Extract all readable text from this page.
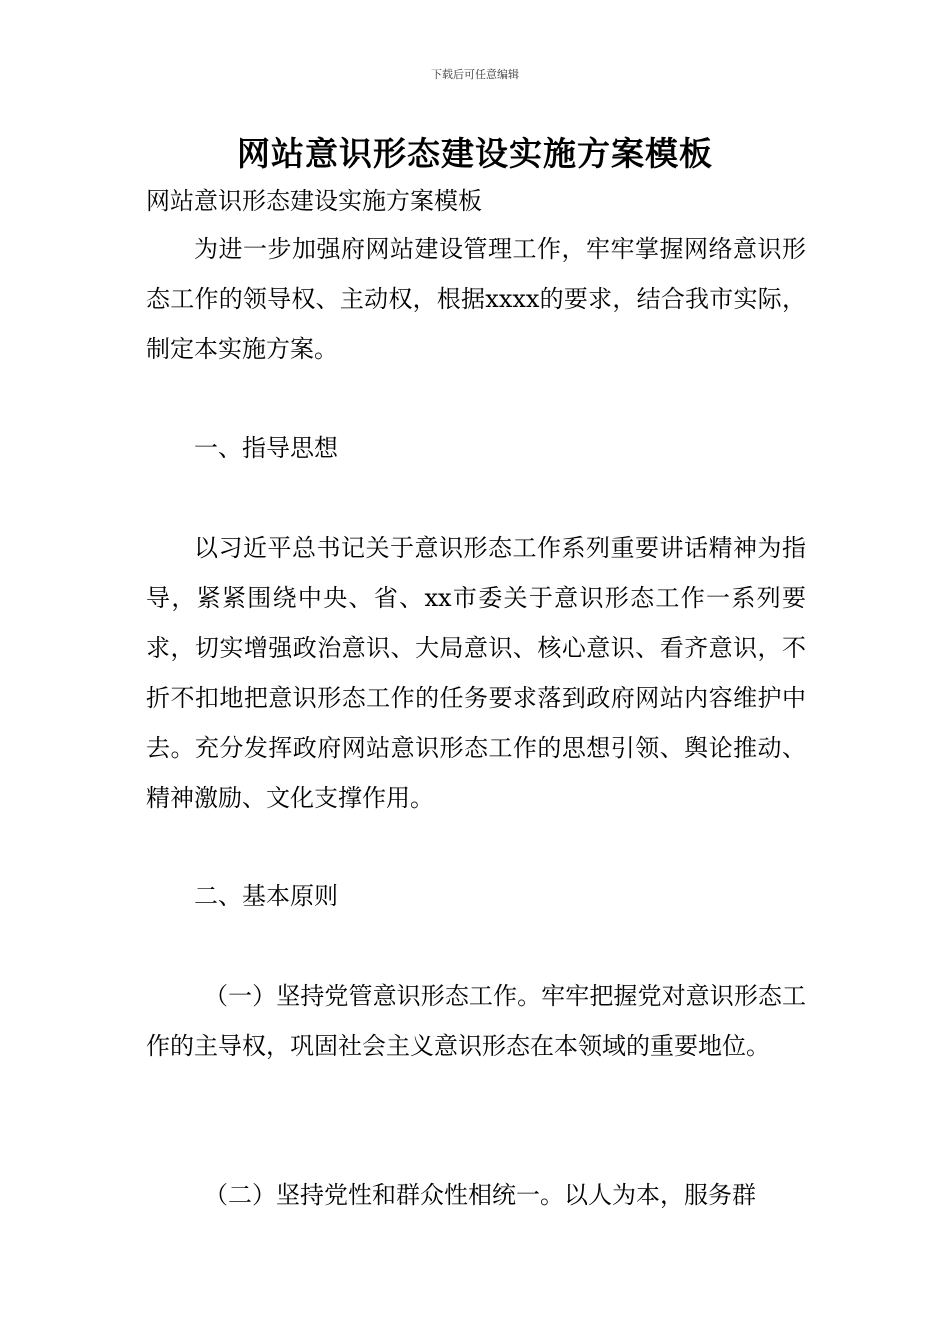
下载后可任意编辑
网站意识形态建设实施方案模板
网站意识形态建设实施方案模板

为进一步加强府网站建设管理工作，牢牢掌握网络意识形态工作的领导权、主动权，根据xxxx的要求，结合我市实际，制定本实施方案。

一、指导思想

以习近平总书记关于意识形态工作系列重要讲话精神为指导，紧紧围绕中央、省、xx市委关于意识形态工作一系列要求，切实增强政治意识、大局意识、核心意识、看齐意识，不折不扣地把意识形态工作的任务要求落到政府网站内容维护中去。充分发挥政府网站意识形态工作的思想引领、舆论推动、精神激励、文化支撑作用。

二、基本原则

（一）坚持党管意识形态工作。牢牢把握党对意识形态工作的主导权，巩固社会主义意识形态在本领域的重要地位。

（二）坚持党性和群众性相统一。以人为本，服务群
